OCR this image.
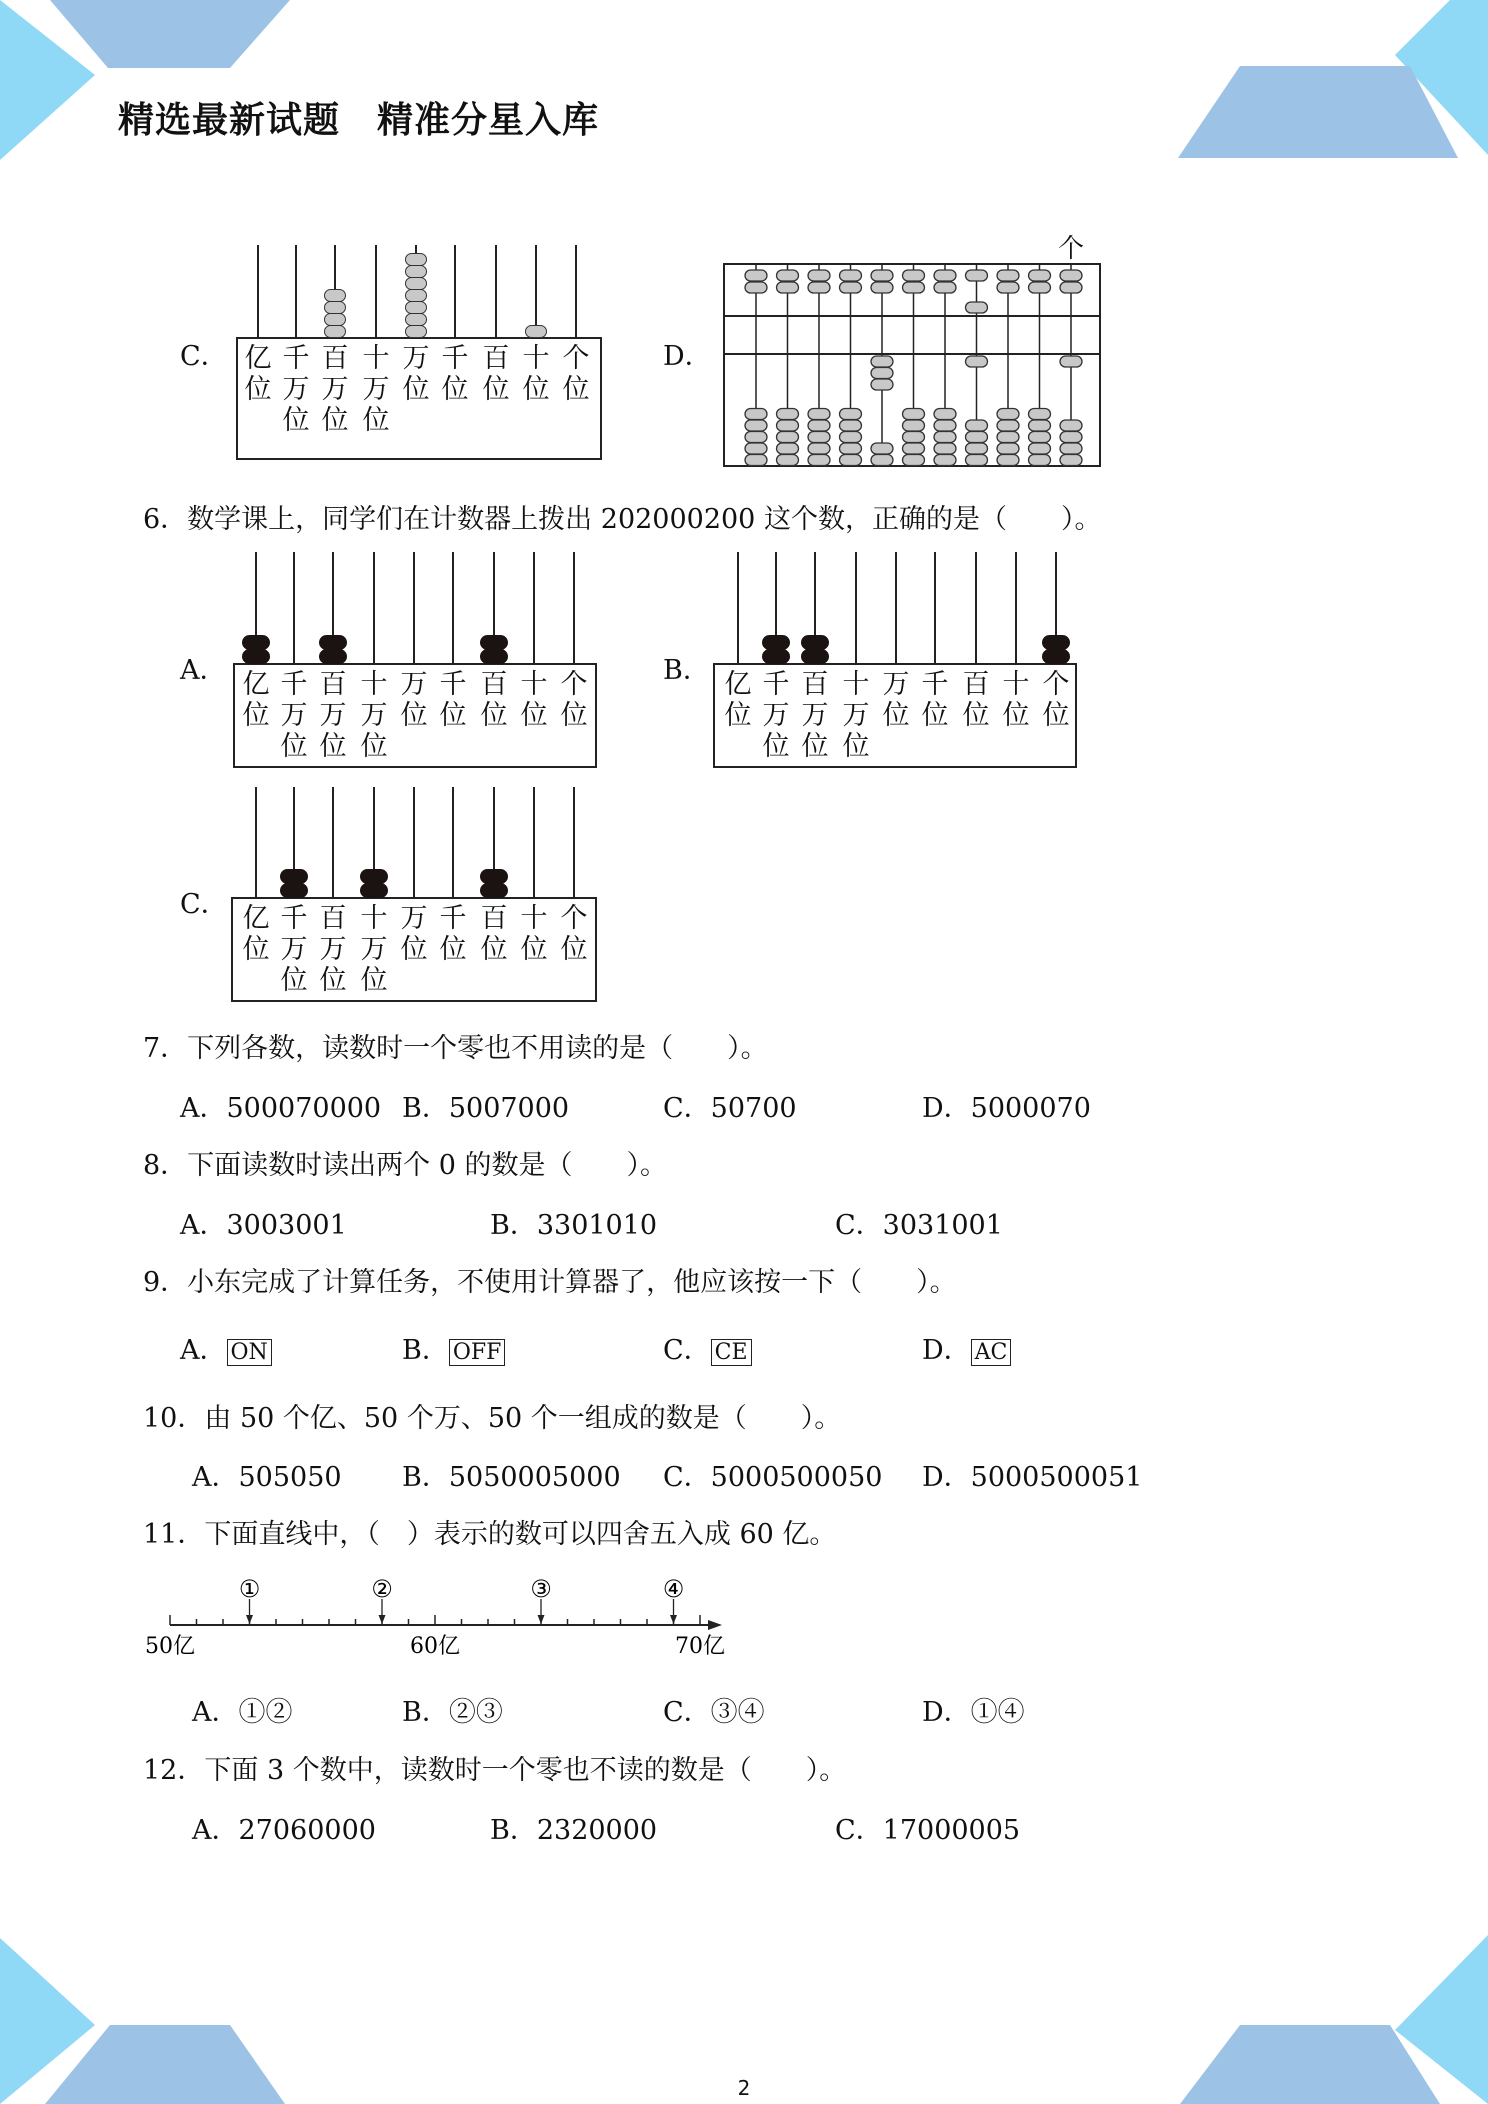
精选最新试题　精准分星入库
C．	D．
个
6．数学课上，同学们在计数器上拨出 202000200 这个数，正确的是（　　）。
A．	B．
C．
7．下列各数，读数时一个零也不用读的是（　　）。
A．500070000 B．5007000	C．50700	D．5000070
8．下面读数时读出两个 0 的数是（　　）。
A．3003001	B．3301010	C．3031001
9．小东完成了计算任务，不使用计算器了，他应该按一下（　　）。
A． ON	B． OFF	C． CE	D． AC
10．由 50 个亿、50 个万、50 个一组成的数是（　　）。
A．505050 B．5050005000 C．5000500050 D．5000500051
11．下面直线中，（　）表示的数可以四舍五入成 60 亿。
50亿	60亿	70亿
①	②	③	④
A．①②	B．②③	C．③④	D．①④
12．下面 3 个数中，读数时一个零也不读的数是（　　）。
A．27060000	B．2320000	C．17000005
2
亿
位
千
万
位
百
万
位
十
万
位
万
位
千
位
百
位
十
位
个
位
亿
位
千
万
位
百
万
位
十
万
位
万
位
千
位
百
位
十
位
个
位
亿
位
千
万
位
百
万
位
十
万
位
万
位
千
位
百
位
十
位
个
位
亿
位
千
万
位
百
万
位
十
万
位
万
位
千
位
百
位
十
位
个
位
